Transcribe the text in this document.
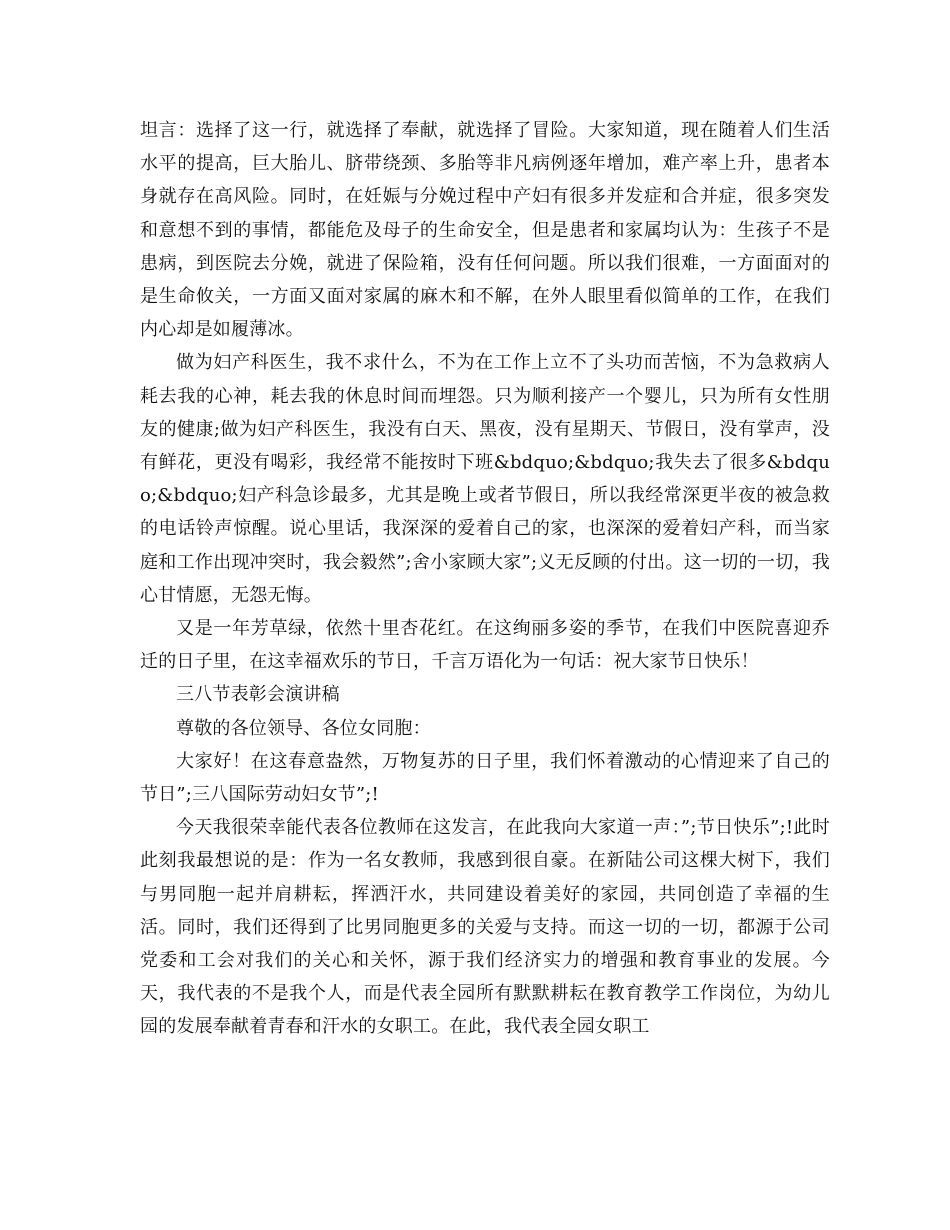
坦言：选择了这一行，就选择了奉献，就选择了冒险。大家知道，现在随着人们生活水平的提高，巨大胎儿、脐带绕颈、多胎等非凡病例逐年增加，难产率上升，患者本身就存在高风险。同时，在妊娠与分娩过程中产妇有很多并发症和合并症，很多突发和意想不到的事情，都能危及母子的生命安全，但是患者和家属均认为：生孩子不是患病，到医院去分娩，就进了保险箱，没有任何问题。所以我们很难，一方面面对的是生命攸关，一方面又面对家属的麻木和不解，在外人眼里看似简单的工作，在我们内心却是如履薄冰。

做为妇产科医生，我不求什么，不为在工作上立不了头功而苦恼，不为急救病人耗去我的心神，耗去我的休息时间而埋怨。只为顺利接产一个婴儿，只为所有女性朋友的健康;做为妇产科医生，我没有白天、黑夜，没有星期天、节假日，没有掌声，没有鲜花，更没有喝彩，我经常不能按时下班&bdquo;&bdquo;我失去了很多&bdquo;&bdquo;妇产科急诊最多，尤其是晚上或者节假日，所以我经常深更半夜的被急救的电话铃声惊醒。说心里话，我深深的爱着自己的家，也深深的爱着妇产科，而当家庭和工作出现冲突时，我会毅然”;舍小家顾大家”;义无反顾的付出。这一切的一切，我心甘情愿，无怨无悔。

又是一年芳草绿，依然十里杏花红。在这绚丽多姿的季节，在我们中医院喜迎乔迁的日子里，在这幸福欢乐的节日，千言万语化为一句话：祝大家节日快乐！

三八节表彰会演讲稿

尊敬的各位领导、各位女同胞：

大家好！在这春意盎然，万物复苏的日子里，我们怀着激动的心情迎来了自己的节日”;三八国际劳动妇女节”;!

今天我很荣幸能代表各位教师在这发言，在此我向大家道一声：”;节日快乐”;!此时此刻我最想说的是：作为一名女教师，我感到很自豪。在新陆公司这棵大树下，我们与男同胞一起并肩耕耘，挥洒汗水，共同建设着美好的家园，共同创造了幸福的生活。同时，我们还得到了比男同胞更多的关爱与支持。而这一切的一切，都源于公司党委和工会对我们的关心和关怀，源于我们经济实力的增强和教育事业的发展。今天，我代表的不是我个人，而是代表全园所有默默耕耘在教育教学工作岗位，为幼儿园的发展奉献着青春和汗水的女职工。在此，我代表全园女职工
